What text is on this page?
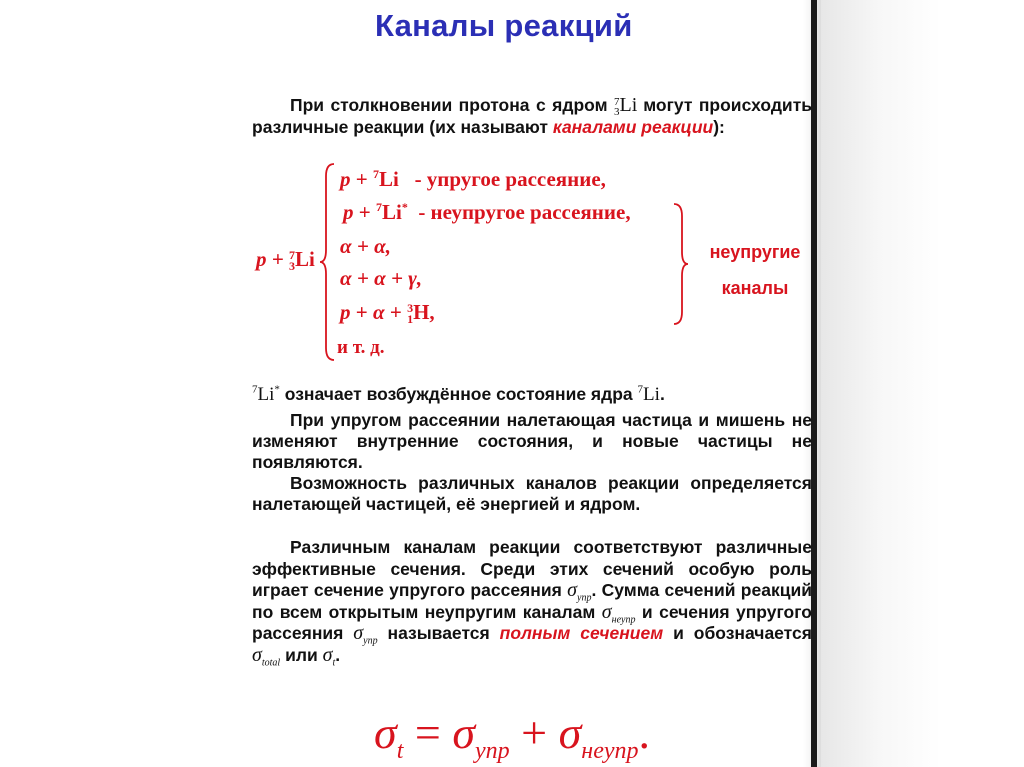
Каналы реакций
При столкновении протона с ядром 7
3Li могут происходить различные реакции (их называют каналами реакции):
p + 7
3Li
p + $^7$Li   - упругое рассеяние,
p + $^7$Li* - неупругое рассеяние,
α + α,
α + α + γ,
p + α + 3
1H,
и т. д.
неупругие
каналы
$^7$Li* означает возбуждённое состояние ядра $^7$Li.
При упругом рассеянии налетающая частица и мишень не изменяют внутренние состояния, и новые частицы не появляются.
Возможность различных каналов реакции определяется налетающей частицей, её энергией и ядром.
Различным каналам реакции соответствуют различные эффективные сечения. Среди этих сечений особую роль играет сечение упругого рассеяния $\sigma_{упр}$. Сумма сечений реакций по всем открытым неупругим каналам $\sigma_{неупр}$ и сечения упругого рассеяния $\sigma_{упр}$ называется полным сечением и обозначается $\sigma_{total}$ или $\sigma_t$.
$\sigma_t = \sigma_{упр} + \sigma_{неупр}$.
